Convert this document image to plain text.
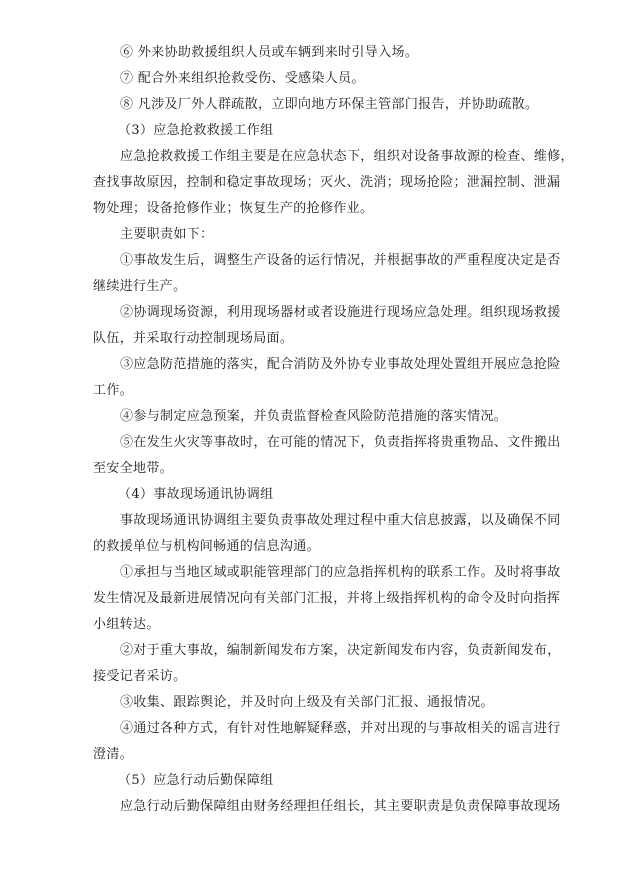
⑥ 外来协助救援组织人员或车辆到来时引导入场。
⑦ 配合外来组织抢救受伤、受感染人员。
⑧ 凡涉及厂外人群疏散，立即向地方环保主管部门报告，并协助疏散。
（3）应急抢救救援工作组
应急抢救救援工作组主要是在应急状态下，组织对设备事故源的检查、维修，
查找事故原因，控制和稳定事故现场；灭火、洗消；现场抢险；泄漏控制、泄漏
物处理；设备抢修作业；恢复生产的抢修作业。
主要职责如下：
①事故发生后，调整生产设备的运行情况，并根据事故的严重程度决定是否
继续进行生产。
②协调现场资源，利用现场器材或者设施进行现场应急处理。组织现场救援
队伍，并采取行动控制现场局面。
③应急防范措施的落实，配合消防及外协专业事故处理处置组开展应急抢险
工作。
④参与制定应急预案，并负责监督检查风险防范措施的落实情况。
⑤在发生火灾等事故时，在可能的情况下，负责指挥将贵重物品、文件搬出
至安全地带。
（4）事故现场通讯协调组
事故现场通讯协调组主要负责事故处理过程中重大信息披露，以及确保不同
的救援单位与机构间畅通的信息沟通。
①承担与当地区域或职能管理部门的应急指挥机构的联系工作。及时将事故
发生情况及最新进展情况向有关部门汇报，并将上级指挥机构的命令及时向指挥
小组转达。
②对于重大事故，编制新闻发布方案，决定新闻发布内容，负责新闻发布，
接受记者采访。
③收集、跟踪舆论，并及时向上级及有关部门汇报、通报情况。
④通过各种方式，有针对性地解疑释惑，并对出现的与事故相关的谣言进行
澄清。
（5）应急行动后勤保障组
应急行动后勤保障组由财务经理担任组长，其主要职责是负责保障事故现场
